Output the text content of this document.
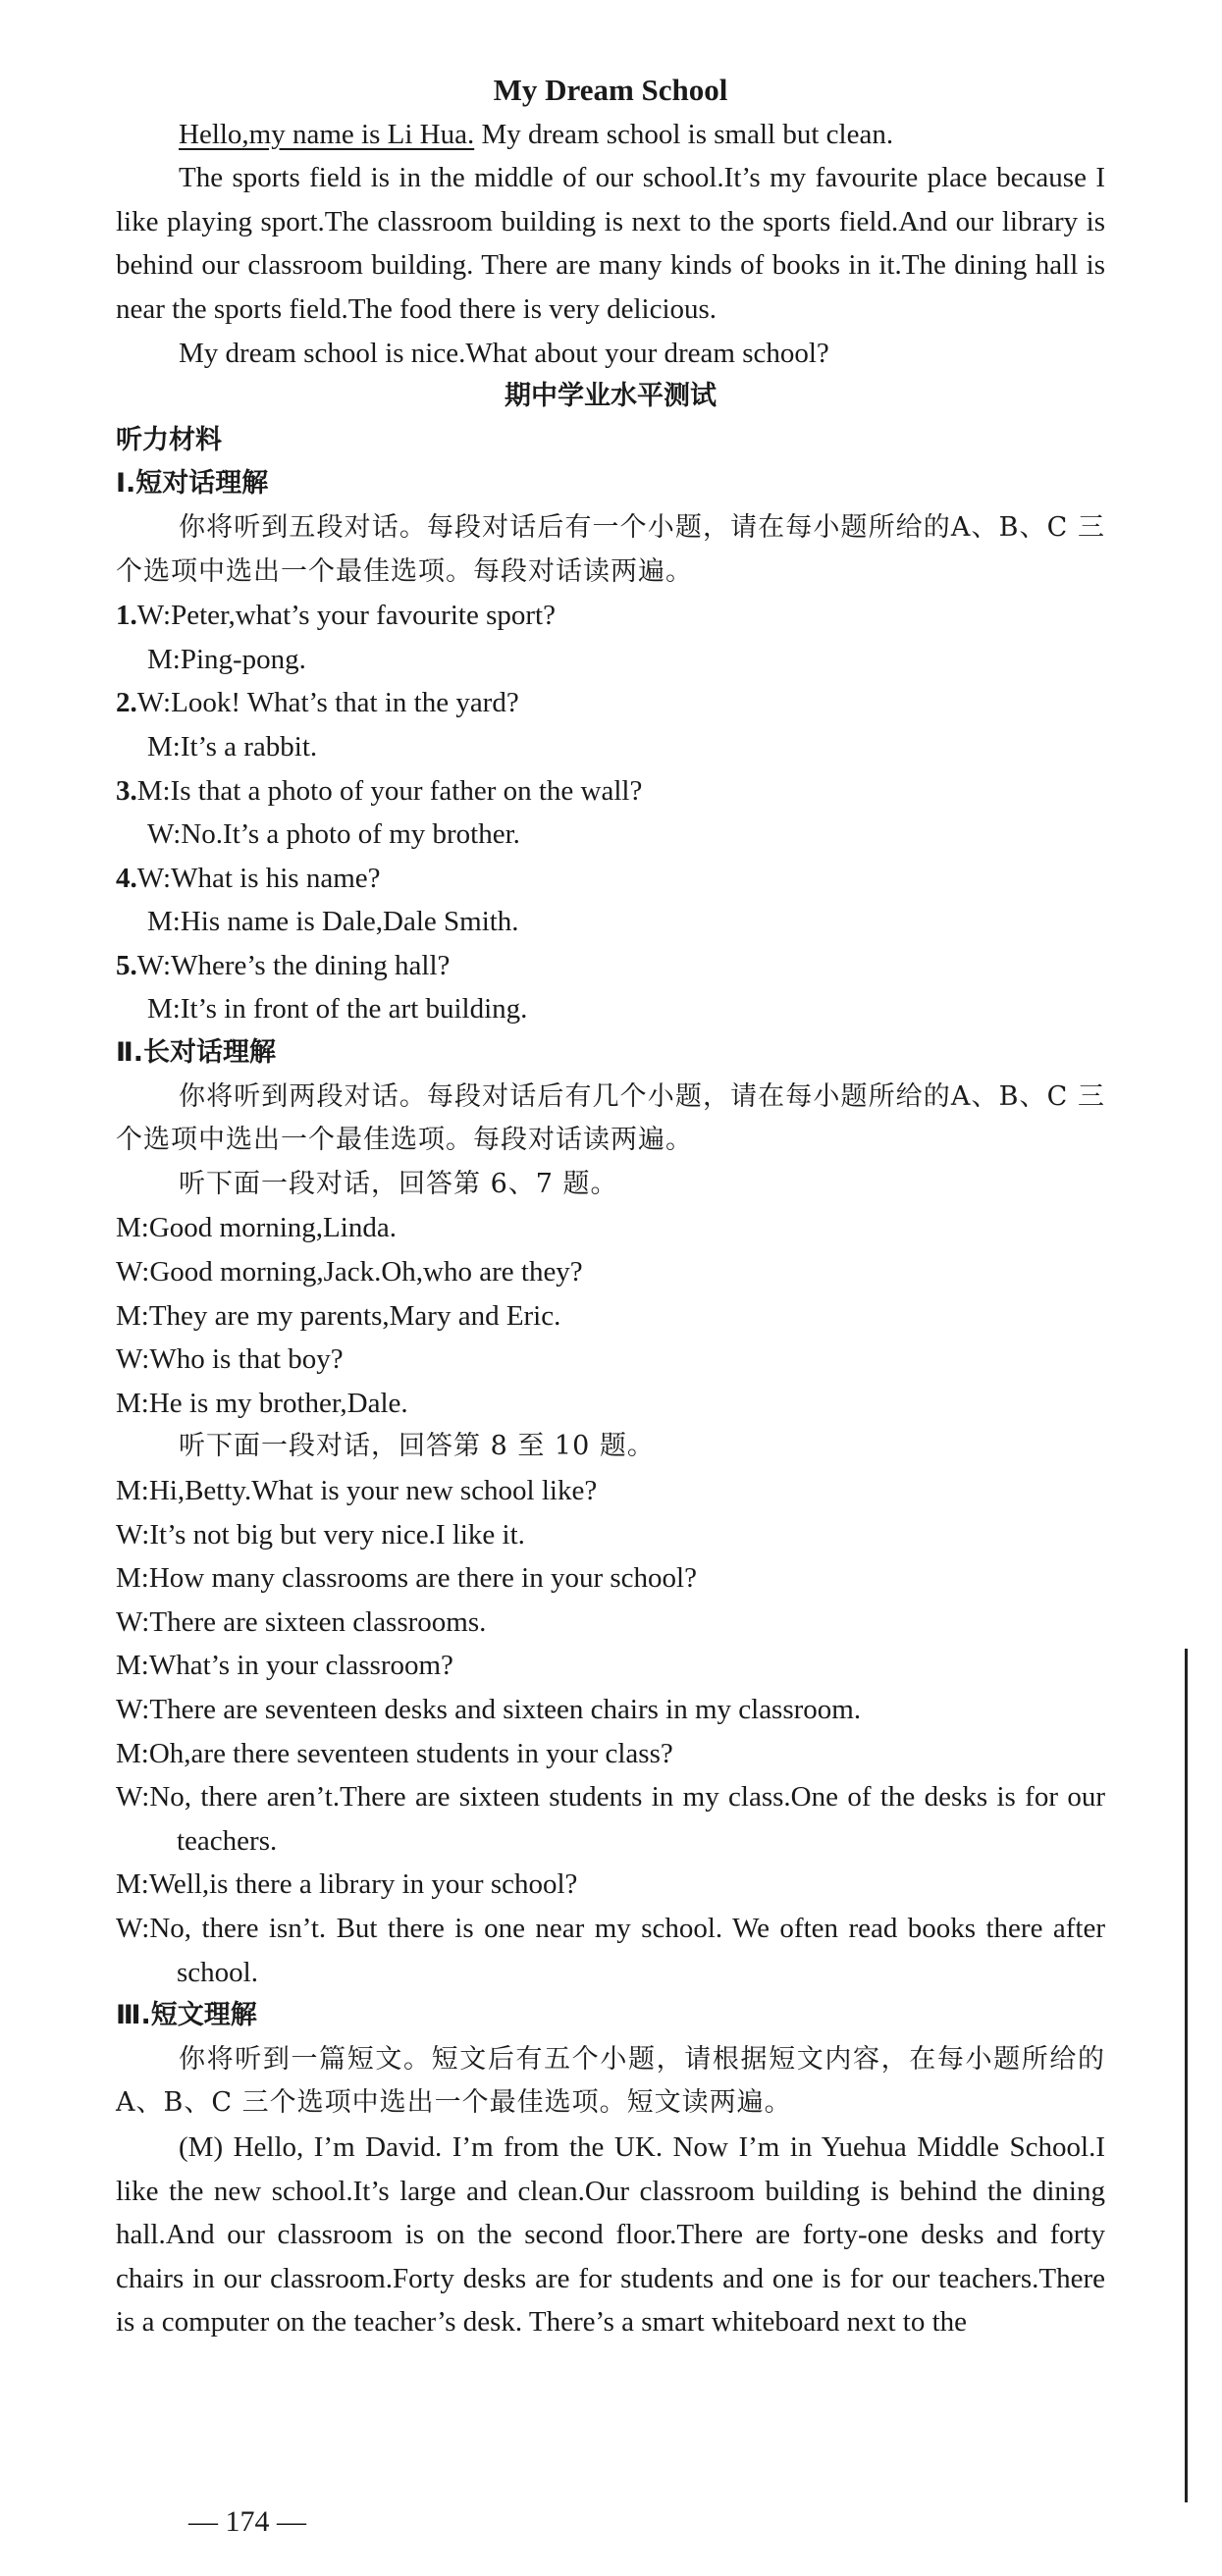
My Dream School
Hello,my name is Li Hua. My dream school is small but clean.
The sports field is in the middle of our school.It’s my favourite place because I like playing sport.The classroom building is next to the sports field.And our library is behind our classroom building. There are many kinds of books in it.The dining hall is near the sports field.The food there is very delicious.
My dream school is nice.What about your dream school?
期中学业水平测试
听力材料
Ⅰ.短对话理解
你将听到五段对话。每段对话后有一个小题，请在每小题所给的A、B、C 三个选项中选出一个最佳选项。每段对话读两遍。
1.W:Peter,what’s your favourite sport?
M:Ping-pong.
2.W:Look! What’s that in the yard?
M:It’s a rabbit.
3.M:Is that a photo of your father on the wall?
W:No.It’s a photo of my brother.
4.W:What is his name?
M:His name is Dale,Dale Smith.
5.W:Where’s the dining hall?
M:It’s in front of the art building.
Ⅱ.长对话理解
你将听到两段对话。每段对话后有几个小题，请在每小题所给的A、B、C 三个选项中选出一个最佳选项。每段对话读两遍。
听下面一段对话，回答第 6、7 题。
M:Good morning,Linda.
W:Good morning,Jack.Oh,who are they?
M:They are my parents,Mary and Eric.
W:Who is that boy?
M:He is my brother,Dale.
听下面一段对话，回答第 8 至 10 题。
M:Hi,Betty.What is your new school like?
W:It’s not big but very nice.I like it.
M:How many classrooms are there in your school?
W:There are sixteen classrooms.
M:What’s in your classroom?
W:There are seventeen desks and sixteen chairs in my classroom.
M:Oh,are there seventeen students in your class?
W:No, there aren’t.There are sixteen students in my class.One of the desks is for our teachers.
M:Well,is there a library in your school?
W:No, there isn’t. But there is one near my school. We often read books there after school.
Ⅲ.短文理解
你将听到一篇短文。短文后有五个小题，请根据短文内容，在每小题所给的 A、B、C 三个选项中选出一个最佳选项。短文读两遍。
(M) Hello, I’m David. I’m from the UK. Now I’m in Yuehua Middle School.I like the new school.It’s large and clean.Our classroom building is behind the dining hall.And our classroom is on the second floor.There are forty-one desks and forty chairs in our classroom.Forty desks are for students and one is for our teachers.There is a computer on the teacher’s desk. There’s a smart whiteboard next to the
— 174 —
